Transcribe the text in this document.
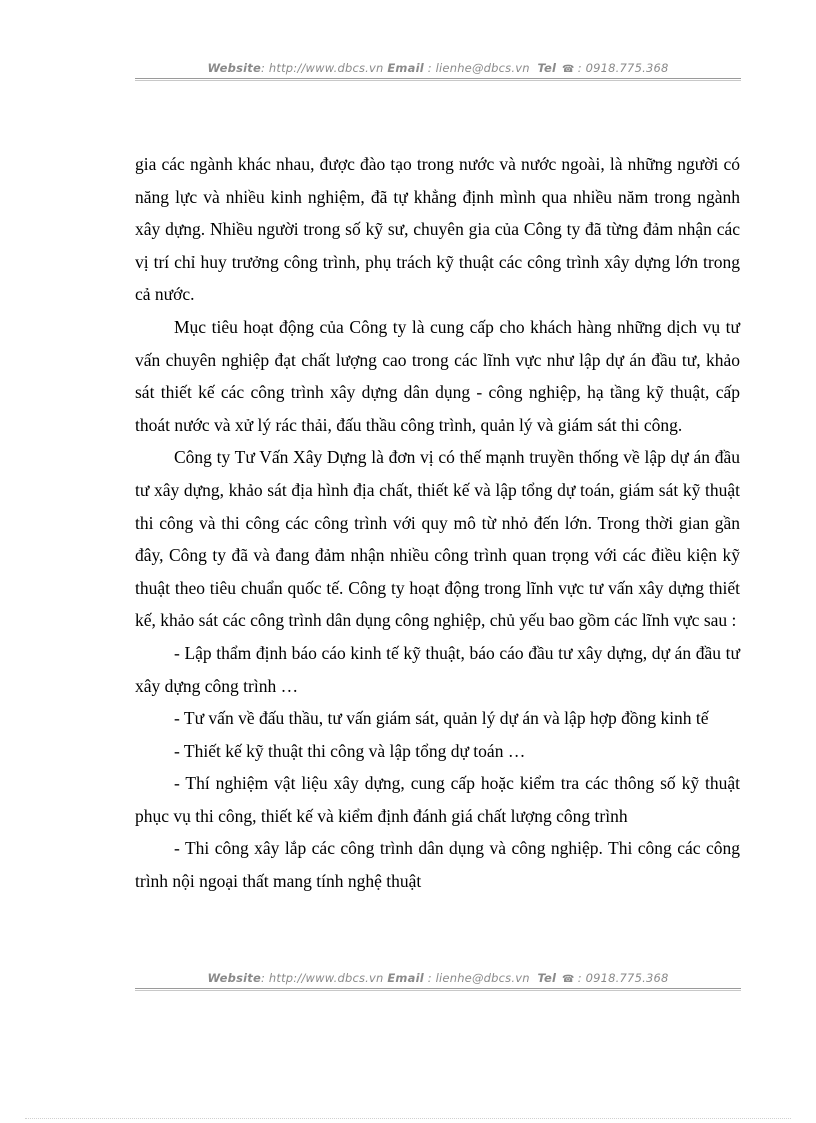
Website: http://www.dbcs.vn Email : lienhe@dbcs.vn Tel ☎ : 0918.775.368

gia các ngành khác nhau, được đào tạo trong nước và nước ngoài, là những người có năng lực và nhiều kinh nghiệm, đã tự khẳng định mình qua nhiều năm trong ngành xây dựng. Nhiều người trong số kỹ sư, chuyên gia của Công ty đã từng đảm nhận các vị trí chỉ huy trưởng công trình, phụ trách kỹ thuật các công trình xây dựng lớn trong cả nước.

Mục tiêu hoạt động của Công ty là cung cấp cho khách hàng những dịch vụ tư vấn chuyên nghiệp đạt chất lượng cao trong các lĩnh vực như lập dự án đầu tư, khảo sát thiết kế các công trình xây dựng dân dụng - công nghiệp, hạ tầng kỹ thuật, cấp thoát nước và xử lý rác thải, đấu thầu công trình, quản lý và giám sát thi công.

Công ty Tư Vấn Xây Dựng là đơn vị có thế mạnh truyền thống về lập dự án đầu tư xây dựng, khảo sát địa hình địa chất, thiết kế và lập tổng dự toán, giám sát kỹ thuật thi công và thi công các công trình với quy mô từ nhỏ đến lớn. Trong thời gian gần đây, Công ty đã và đang đảm nhận nhiều công trình quan trọng với các điều kiện kỹ thuật theo tiêu chuẩn quốc tế. Công ty hoạt động trong lĩnh vực tư vấn xây dựng thiết kế, khảo sát các công trình dân dụng công nghiệp, chủ yếu bao gồm các lĩnh vực sau :

- Lập thẩm định báo cáo kinh tế kỹ thuật, báo cáo đầu tư xây dựng, dự án đầu tư xây dựng công trình …

- Tư vấn về đấu thầu, tư vấn giám sát, quản lý dự án và lập hợp đồng kinh tế

- Thiết kế kỹ thuật thi công và lập tổng dự toán …

- Thí nghiệm vật liệu xây dựng, cung cấp hoặc kiểm tra các thông số kỹ thuật phục vụ thi công, thiết kế và kiểm định đánh giá chất lượng công trình

- Thi công xây lắp các công trình dân dụng và công nghiệp. Thi công các công trình nội ngoại thất mang tính nghệ thuật

Website: http://www.dbcs.vn Email : lienhe@dbcs.vn Tel ☎ : 0918.775.368
